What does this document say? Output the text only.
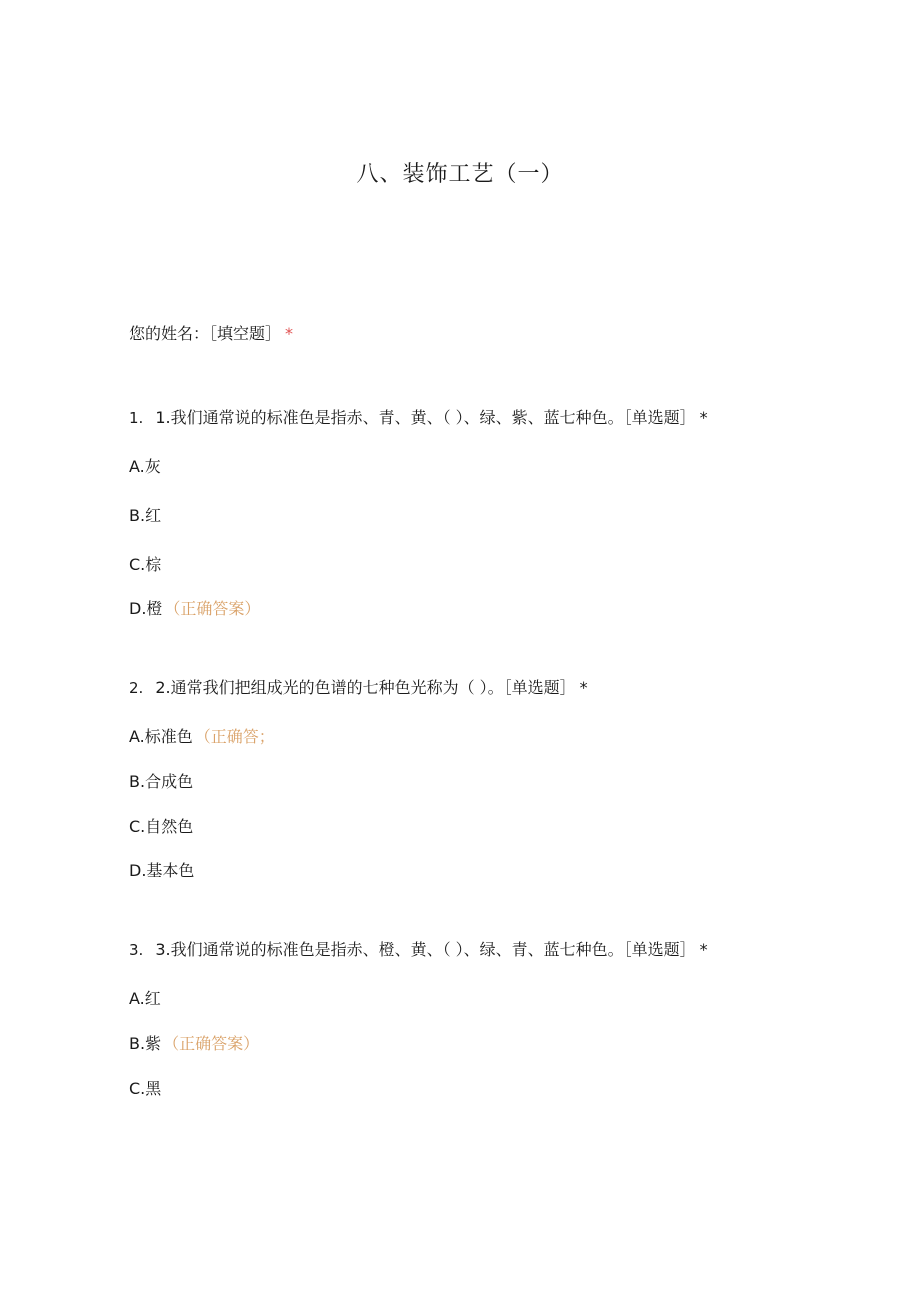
八、装饰工艺（一）
您的姓名：［填空题］ *
1. 1.我们通常说的标准色是指赤、青、黄、（ ）、绿、紫、蓝七种色。［单选题］ *
A.灰
B.红
C.棕
D.橙 （正确答案）
2. 2.通常我们把组成光的色谱的七种色光称为（ ）。［单选题］ *
A.标准色 （正确答；
B.合成色
C.自然色
D.基本色
3. 3.我们通常说的标准色是指赤、橙、黄、（ ）、绿、青、蓝七种色。［单选题］ *
A.红
B.紫 （正确答案）
C.黑
